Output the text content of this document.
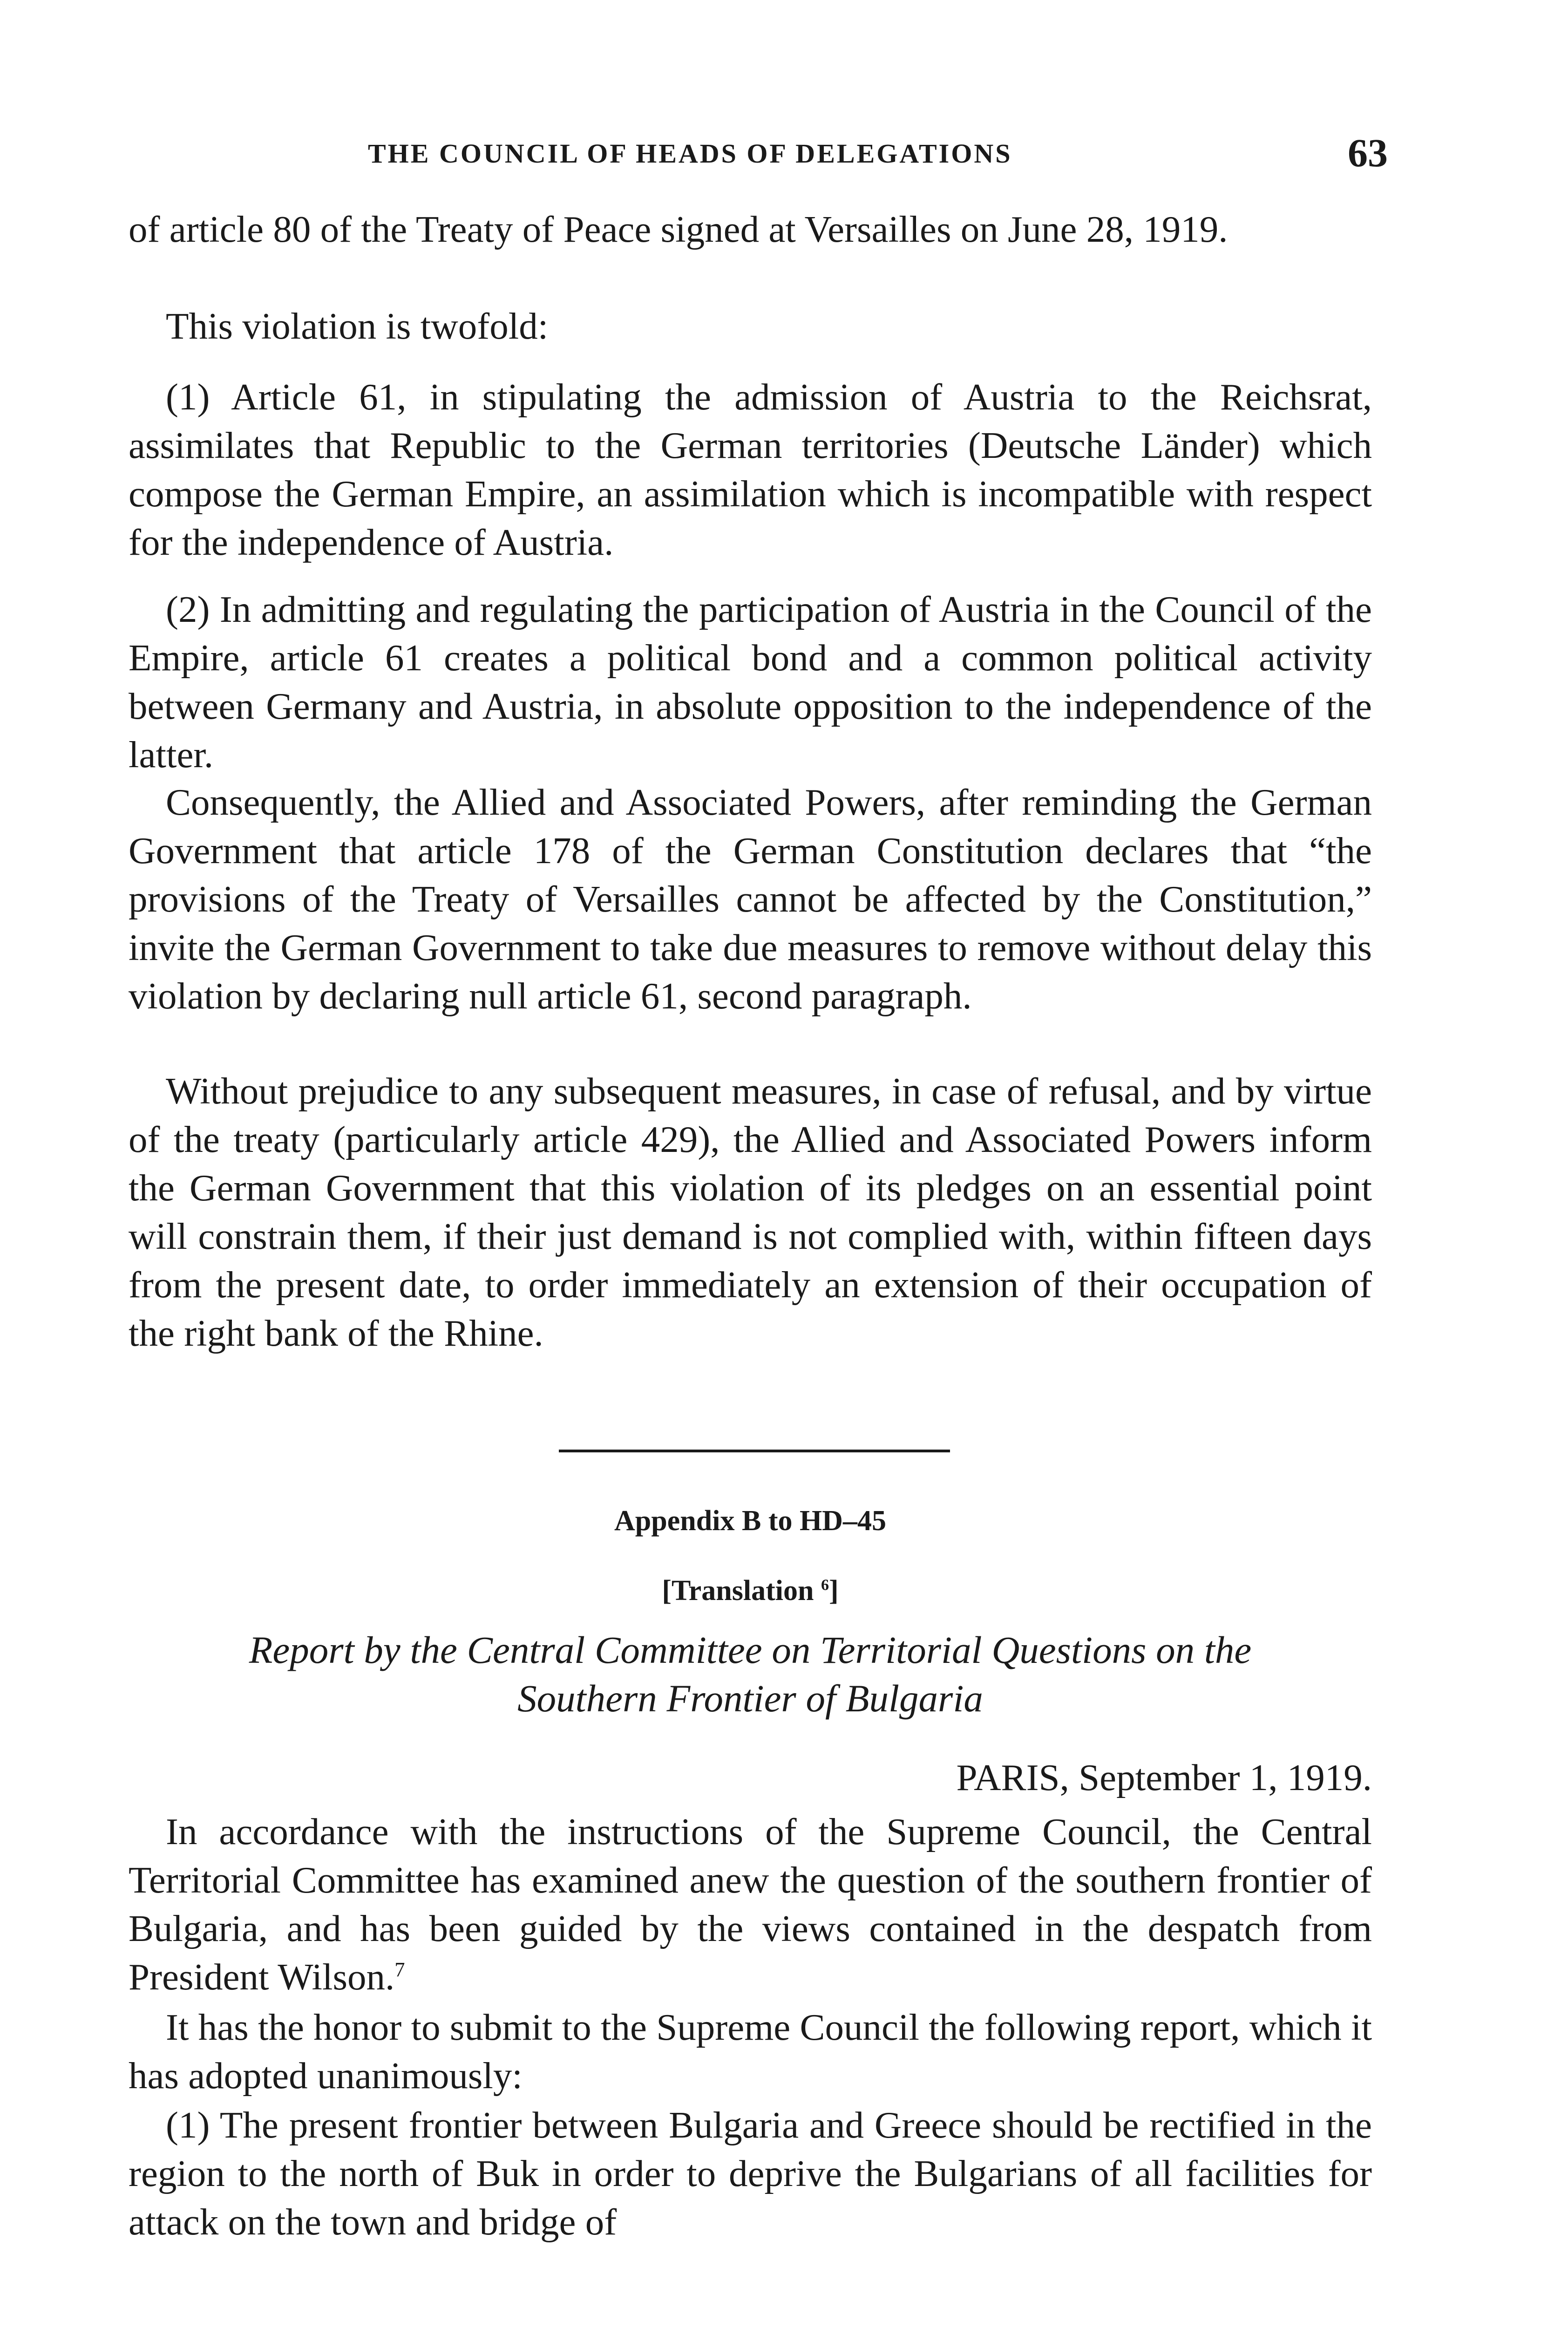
THE COUNCIL OF HEADS OF DELEGATIONS	63

of article 80 of the Treaty of Peace signed at Versailles on June 28, 1919.

This violation is twofold:

(1) Article 61, in stipulating the admission of Austria to the Reichsrat, assimilates that Republic to the German territories (Deutsche Länder) which compose the German Empire, an assimilation which is incompatible with respect for the independence of Austria.

(2) In admitting and regulating the participation of Austria in the Council of the Empire, article 61 creates a political bond and a common political activity between Germany and Austria, in absolute opposition to the independence of the latter.

Consequently, the Allied and Associated Powers, after reminding the German Government that article 178 of the German Constitution declares that “the provisions of the Treaty of Versailles cannot be affected by the Constitution,” invite the German Government to take due measures to remove without delay this violation by declaring null article 61, second paragraph.

Without prejudice to any subsequent measures, in case of refusal, and by virtue of the treaty (particularly article 429), the Allied and Associated Powers inform the German Government that this violation of its pledges on an essential point will constrain them, if their just demand is not complied with, within fifteen days from the present date, to order immediately an extension of their occupation of the right bank of the Rhine.

Appendix B to HD–45

[Translation $^6$]

Report by the Central Committee on Territorial Questions on the
Southern Frontier of Bulgaria
PARIS, September 1, 1919.

In accordance with the instructions of the Supreme Council, the Central Territorial Committee has examined anew the question of the southern frontier of Bulgaria, and has been guided by the views contained in the despatch from President Wilson.$^7$

It has the honor to submit to the Supreme Council the following report, which it has adopted unanimously:

(1) The present frontier between Bulgaria and Greece should be rectified in the region to the north of Buk in order to deprive the Bulgarians of all facilities for attack on the town and bridge of
